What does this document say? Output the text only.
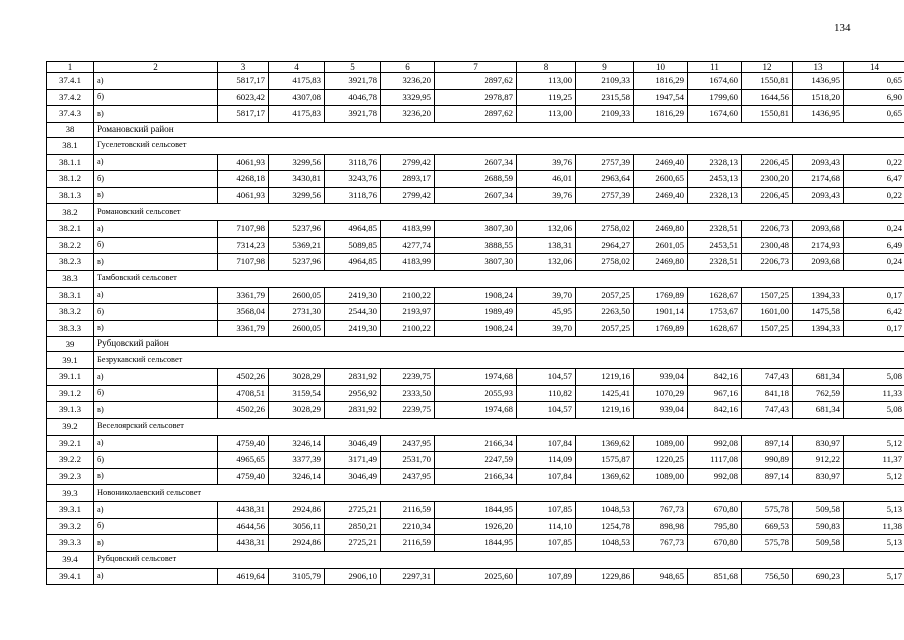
134
1	2	3	4	5	6	7	8	9	10	11	12	13	14
37.4.1	а)	5817,17	4175,83	3921,78	3236,20	2897,62	113,00	2109,33	1816,29	1674,60	1550,81	1436,95	0,65
37.4.2	б)	6023,42	4307,08	4046,78	3329,95	2978,87	119,25	2315,58	1947,54	1799,60	1644,56	1518,20	6,90
37.4.3	в)	5817,17	4175,83	3921,78	3236,20	2897,62	113,00	2109,33	1816,29	1674,60	1550,81	1436,95	0,65
38	Романовский район												
38.1	Гуселетовский сельсовет												
38.1.1	а)	4061,93	3299,56	3118,76	2799,42	2607,34	39,76	2757,39	2469,40	2328,13	2206,45	2093,43	0,22
38.1.2	б)	4268,18	3430,81	3243,76	2893,17	2688,59	46,01	2963,64	2600,65	2453,13	2300,20	2174,68	6,47
38.1.3	в)	4061,93	3299,56	3118,76	2799,42	2607,34	39,76	2757,39	2469,40	2328,13	2206,45	2093,43	0,22
38.2	Романовский сельсовет												
38.2.1	а)	7107,98	5237,96	4964,85	4183,99	3807,30	132,06	2758,02	2469,80	2328,51	2206,73	2093,68	0,24
38.2.2	б)	7314,23	5369,21	5089,85	4277,74	3888,55	138,31	2964,27	2601,05	2453,51	2300,48	2174,93	6,49
38.2.3	в)	7107,98	5237,96	4964,85	4183,99	3807,30	132,06	2758,02	2469,80	2328,51	2206,73	2093,68	0,24
38.3	Тамбовский сельсовет												
38.3.1	а)	3361,79	2600,05	2419,30	2100,22	1908,24	39,70	2057,25	1769,89	1628,67	1507,25	1394,33	0,17
38.3.2	б)	3568,04	2731,30	2544,30	2193,97	1989,49	45,95	2263,50	1901,14	1753,67	1601,00	1475,58	6,42
38.3.3	в)	3361,79	2600,05	2419,30	2100,22	1908,24	39,70	2057,25	1769,89	1628,67	1507,25	1394,33	0,17
39	Рубцовский район												
39.1	Безрукавский сельсовет												
39.1.1	а)	4502,26	3028,29	2831,92	2239,75	1974,68	104,57	1219,16	939,04	842,16	747,43	681,34	5,08
39.1.2	б)	4708,51	3159,54	2956,92	2333,50	2055,93	110,82	1425,41	1070,29	967,16	841,18	762,59	11,33
39.1.3	в)	4502,26	3028,29	2831,92	2239,75	1974,68	104,57	1219,16	939,04	842,16	747,43	681,34	5,08
39.2	Веселоярский сельсовет												
39.2.1	а)	4759,40	3246,14	3046,49	2437,95	2166,34	107,84	1369,62	1089,00	992,08	897,14	830,97	5,12
39.2.2	б)	4965,65	3377,39	3171,49	2531,70	2247,59	114,09	1575,87	1220,25	1117,08	990,89	912,22	11,37
39.2.3	в)	4759,40	3246,14	3046,49	2437,95	2166,34	107,84	1369,62	1089,00	992,08	897,14	830,97	5,12
39.3	Новониколаевский сельсовет												
39.3.1	а)	4438,31	2924,86	2725,21	2116,59	1844,95	107,85	1048,53	767,73	670,80	575,78	509,58	5,13
39.3.2	б)	4644,56	3056,11	2850,21	2210,34	1926,20	114,10	1254,78	898,98	795,80	669,53	590,83	11,38
39.3.3	в)	4438,31	2924,86	2725,21	2116,59	1844,95	107,85	1048,53	767,73	670,80	575,78	509,58	5,13
39.4	Рубцовский сельсовет												
39.4.1	а)	4619,64	3105,79	2906,10	2297,31	2025,60	107,89	1229,86	948,65	851,68	756,50	690,23	5,17
